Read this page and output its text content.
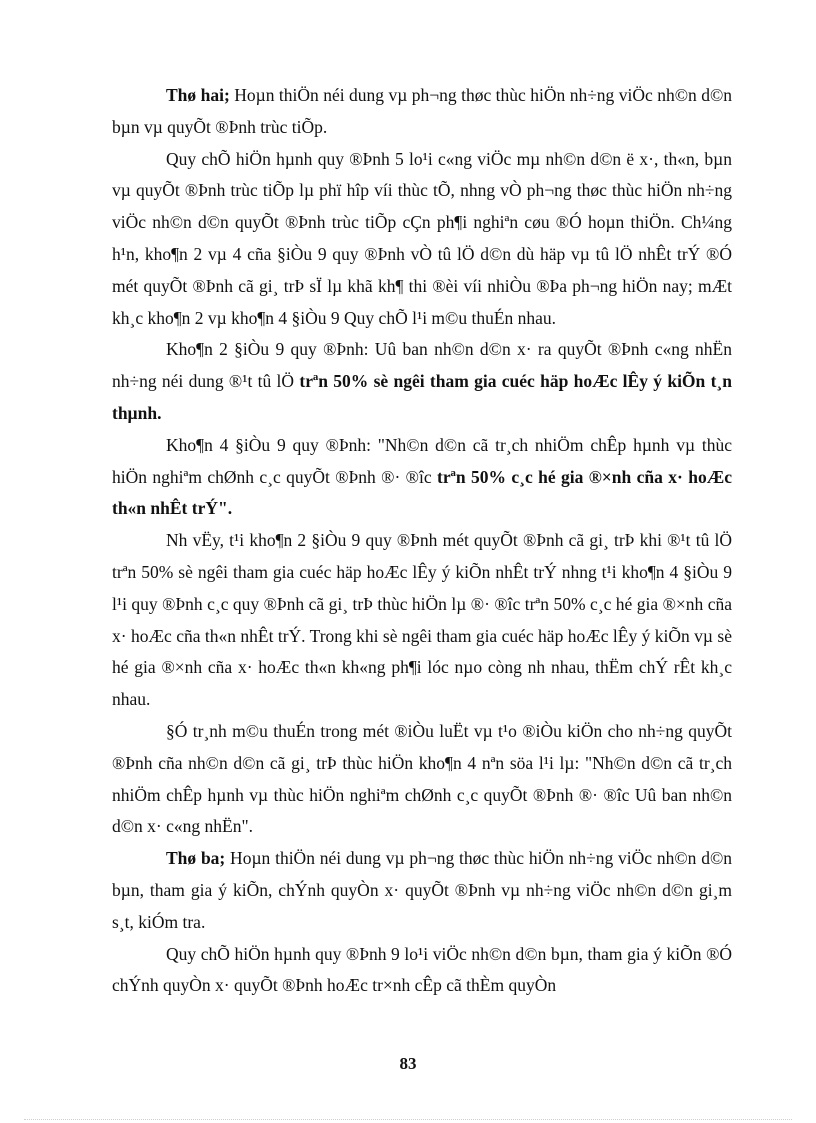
Thø hai; Hoµn thiÖn néi dung vµ ph¬ng thøc thùc hiÖn nh÷ng viÖc nh©n d©n bµn vµ quyÕt ®Þnh trùc tiÕp.

Quy chÕ hiÖn hµnh quy ®Þnh 5 lo¹i c«ng viÖc mµ nh©n d©n ë x·, th«n, bµn vµ quyÕt ®Þnh trùc tiÕp lµ phï hîp víi thùc tÕ, nhng vÒ ph¬ng thøc thùc hiÖn nh÷ng viÖc nh©n d©n quyÕt ®Þnh trùc tiÕp cÇn ph¶i nghiªn cøu ®Ó hoµn thiÖn. Ch¼ng h¹n, kho¶n 2 vµ 4 cña §iÒu 9 quy ®Þnh vÒ tû lÖ d©n dù häp vµ tû lÖ nhÊt trÝ ®Ó mét quyÕt ®Þnh cã gi¸ trÞ sÏ lµ khã kh¶ thi ®èi víi nhiÒu ®Þa ph¬ng hiÖn nay; mÆt kh¸c kho¶n 2 vµ kho¶n 4 §iÒu 9 Quy chÕ l¹i m©u thuÉn nhau.

Kho¶n 2 §iÒu 9 quy ®Þnh: Uû ban nh©n d©n x· ra quyÕt ®Þnh c«ng nhËn nh÷ng néi dung ®¹t tû lÖ trªn 50% sè ngêi tham gia cuéc häp hoÆc lÊy ý kiÕn t¸n thµnh.

Kho¶n 4 §iÒu 9 quy ®Þnh: "Nh©n d©n cã tr¸ch nhiÖm chÊp hµnh vµ thùc hiÖn nghiªm chØnh c¸c quyÕt ®Þnh ®· ®îc trªn 50% c¸c hé gia ®×nh cña x· hoÆc th«n nhÊt trÝ".

Nh vËy, t¹i kho¶n 2 §iÒu 9 quy ®Þnh mét quyÕt ®Þnh cã gi¸ trÞ khi ®¹t tû lÖ trªn 50% sè ngêi tham gia cuéc häp hoÆc lÊy ý kiÕn nhÊt trÝ nhng t¹i kho¶n 4 §iÒu 9 l¹i quy ®Þnh c¸c quy ®Þnh cã gi¸ trÞ thùc hiÖn lµ ®· ®îc trªn 50% c¸c hé gia ®×nh cña x· hoÆc cña th«n nhÊt trÝ. Trong khi sè ngêi tham gia cuéc häp hoÆc lÊy ý kiÕn vµ sè hé gia ®×nh cña x· hoÆc th«n kh«ng ph¶i lóc nµo còng nh nhau, thËm chÝ rÊt kh¸c nhau.

§Ó tr¸nh m©u thuÉn trong mét ®iÒu luËt vµ t¹o ®iÒu kiÖn cho nh÷ng quyÕt ®Þnh cña nh©n d©n cã gi¸ trÞ thùc hiÖn kho¶n 4 nªn söa l¹i lµ: "Nh©n d©n cã tr¸ch nhiÖm chÊp hµnh vµ thùc hiÖn nghiªm chØnh c¸c quyÕt ®Þnh ®· ®îc Uû ban nh©n d©n x· c«ng nhËn".

Thø ba; Hoµn thiÖn néi dung vµ ph¬ng thøc thùc hiÖn nh÷ng viÖc nh©n d©n bµn, tham gia ý kiÕn, chÝnh quyÒn x· quyÕt ®Þnh vµ nh÷ng viÖc nh©n d©n gi¸m s¸t, kiÓm tra.

Quy chÕ hiÖn hµnh quy ®Þnh 9 lo¹i viÖc nh©n d©n bµn, tham gia ý kiÕn ®Ó chÝnh quyÒn x· quyÕt ®Þnh hoÆc tr×nh cÊp cã thÈm quyÒn

83
